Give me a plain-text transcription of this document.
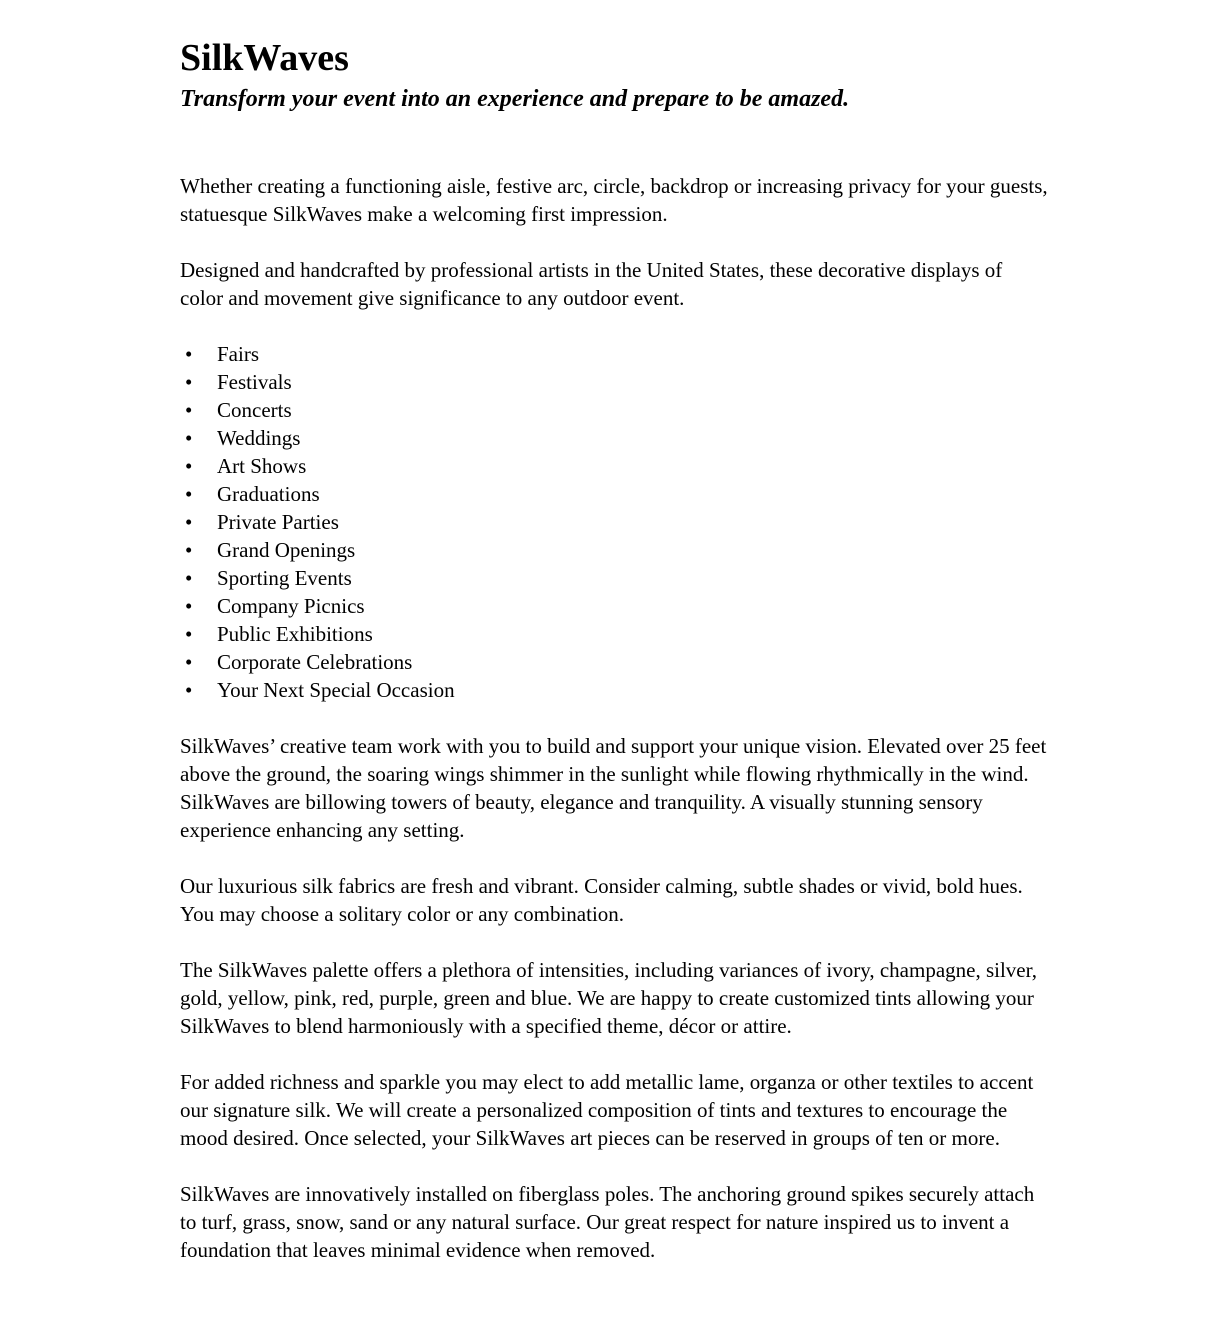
SilkWaves

Transform your event into an experience and prepare to be amazed.

Whether creating a functioning aisle, festive arc, circle, backdrop or increasing privacy for your guests, statuesque SilkWaves make a welcoming first impression.

Designed and handcrafted by professional artists in the United States, these decorative displays of color and movement give significance to any outdoor event.

• Fairs
• Festivals
• Concerts
• Weddings
• Art Shows
• Graduations
• Private Parties
• Grand Openings
• Sporting Events
• Company Picnics
• Public Exhibitions
• Corporate Celebrations
• Your Next Special Occasion

SilkWaves’ creative team work with you to build and support your unique vision. Elevated over 25 feet above the ground, the soaring wings shimmer in the sunlight while flowing rhythmically in the wind. SilkWaves are billowing towers of beauty, elegance and tranquility. A visually stunning sensory experience enhancing any setting.

Our luxurious silk fabrics are fresh and vibrant. Consider calming, subtle shades or vivid, bold hues. You may choose a solitary color or any combination.

The SilkWaves palette offers a plethora of intensities, including variances of ivory, champagne, silver, gold, yellow, pink, red, purple, green and blue. We are happy to create customized tints allowing your SilkWaves to blend harmoniously with a specified theme, décor or attire.

For added richness and sparkle you may elect to add metallic lame, organza or other textiles to accent our signature silk. We will create a personalized composition of tints and textures to encourage the mood desired. Once selected, your SilkWaves art pieces can be reserved in groups of ten or more.

SilkWaves are innovatively installed on fiberglass poles. The anchoring ground spikes securely attach to turf, grass, snow, sand or any natural surface. Our great respect for nature inspired us to invent a foundation that leaves minimal evidence when removed.
